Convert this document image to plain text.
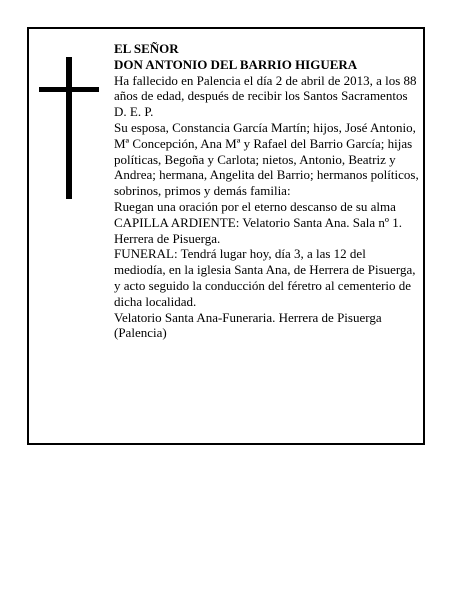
EL SEÑOR

DON ANTONIO DEL BARRIO HIGUERA

Ha fallecido en Palencia el día 2 de abril de 2013, a los 88 años de edad, después de recibir los Santos Sacramentos

D. E. P.

Su esposa, Constancia García Martín; hijos, José Antonio, Mª Concepción, Ana Mª y Rafael del Barrio García; hijas políticas, Begoña y Carlota; nietos, Antonio, Beatriz y Andrea; hermana, Angelita del Barrio; hermanos políticos, sobrinos, primos y demás familia:

Ruegan una oración por el eterno descanso de su alma

CAPILLA ARDIENTE: Velatorio Santa Ana. Sala nº 1. Herrera de Pisuerga.

FUNERAL: Tendrá lugar hoy, día 3, a las 12 del mediodía, en la iglesia Santa Ana, de Herrera de Pisuerga, y acto seguido la conducción del féretro al cementerio de dicha localidad.

Velatorio Santa Ana-Funeraria. Herrera de Pisuerga (Palencia)
